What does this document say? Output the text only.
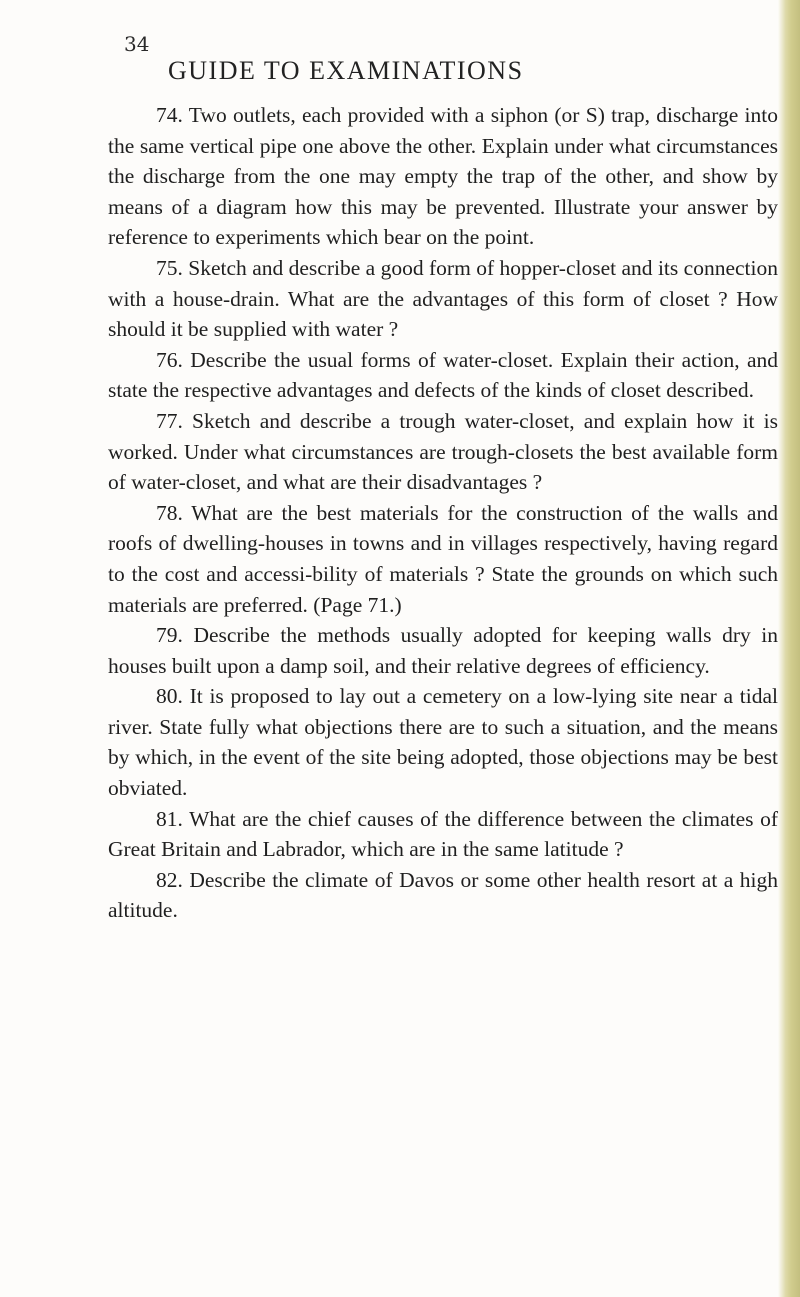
34
GUIDE TO EXAMINATIONS

74. Two outlets, each provided with a siphon (or S) trap, discharge into the same vertical pipe one above the other. Explain under what circumstances the discharge from the one may empty the trap of the other, and show by means of a diagram how this may be prevented. Illustrate your answer by reference to experiments which bear on the point.

75. Sketch and describe a good form of hopper-closet and its connection with a house-drain. What are the advantages of this form of closet ? How should it be supplied with water ?

76. Describe the usual forms of water-closet. Explain their action, and state the respective advantages and defects of the kinds of closet described.

77. Sketch and describe a trough water-closet, and explain how it is worked. Under what circumstances are trough-closets the best available form of water-closet, and what are their disadvantages ?

78. What are the best materials for the construction of the walls and roofs of dwelling-houses in towns and in villages respectively, having regard to the cost and accessi-bility of materials ? State the grounds on which such materials are preferred. (Page 71.)

79. Describe the methods usually adopted for keeping walls dry in houses built upon a damp soil, and their relative degrees of efficiency.

80. It is proposed to lay out a cemetery on a low-lying site near a tidal river. State fully what objections there are to such a situation, and the means by which, in the event of the site being adopted, those objections may be best obviated.

81. What are the chief causes of the difference between the climates of Great Britain and Labrador, which are in the same latitude ?

82. Describe the climate of Davos or some other health resort at a high altitude.
